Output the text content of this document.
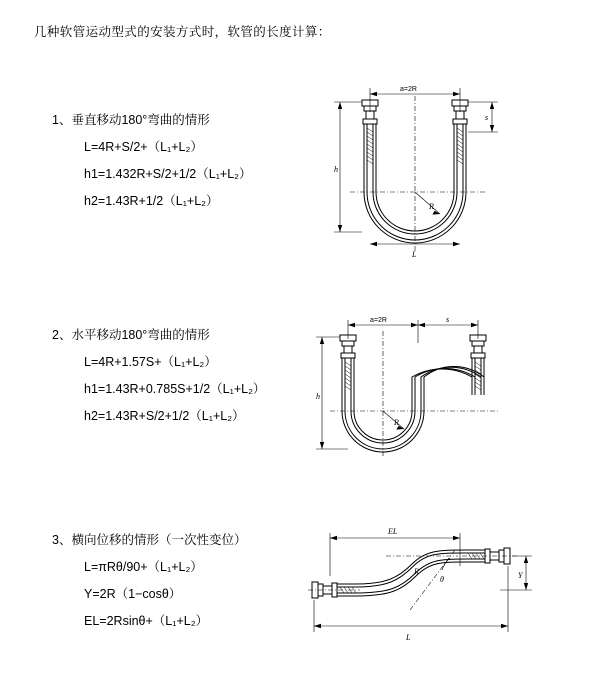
几种软管运动型式的安装方式时，软管的长度计算：
1、垂直移动180°弯曲的情形
L=4R+S/2+（L₁+L₂）
h1=1.432R+S/2+1/2（L₁+L₂）
h2=1.43R+1/2（L₁+L₂）
a=2R
R
L
h
s
2、水平移动180°弯曲的情形
L=4R+1.57S+（L₁+L₂）
h1=1.43R+0.785S+1/2（L₁+L₂）
h2=1.43R+S/2+1/2（L₁+L₂）
a=2R	s
R
h
3、横向位移的情形（一次性变位）
L=πRθ/90+（L₁+L₂）
Y=2R（1−cosθ）
EL=2Rsinθ+（L₁+L₂）
EL
θ
R	Y
L
